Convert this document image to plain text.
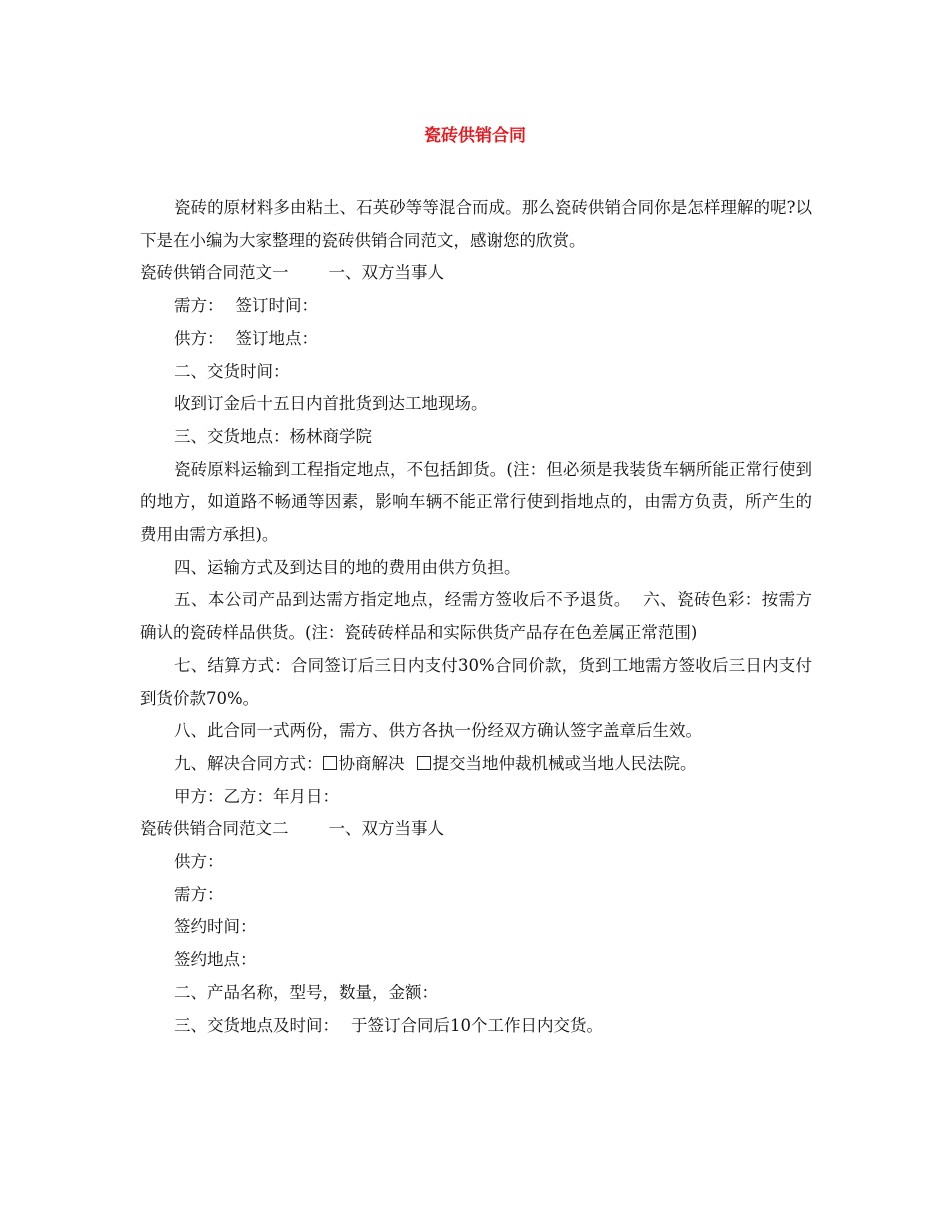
瓷砖供销合同

瓷砖的原材料多由粘土、石英砂等等混合而成。那么瓷砖供销合同你是怎样理解的呢?以下是在小编为大家整理的瓷砖供销合同范文，感谢您的欣赏。

瓷砖供销合同范文一 一、双方当事人

需方： 签订时间：

供方： 签订地点：

二、交货时间：

收到订金后十五日内首批货到达工地现场。

三、交货地点：杨林商学院

瓷砖原料运输到工程指定地点，不包括卸货。(注：但必须是我装货车辆所能正常行使到的地方，如道路不畅通等因素，影响车辆不能正常行使到指地点的，由需方负责，所产生的费用由需方承担)。

四、运输方式及到达目的地的费用由供方负担。

五、本公司产品到达需方指定地点，经需方签收后不予退货。 六、瓷砖色彩：按需方确认的瓷砖样品供货。(注：瓷砖砖样品和实际供货产品存在色差属正常范围)

七、结算方式：合同签订后三日内支付30%合同价款，货到工地需方签收后三日内支付到货价款70%。

八、此合同一式两份，需方、供方各执一份经双方确认签字盖章后生效。

九、解决合同方式： 协商解决 提交当地仲裁机械或当地人民法院。

甲方：乙方：年月日：

瓷砖供销合同范文二 一、双方当事人

供方：

需方：

签约时间：

签约地点：

二、产品名称，型号，数量，金额：

三、交货地点及时间： 于签订合同后10个工作日内交货。
